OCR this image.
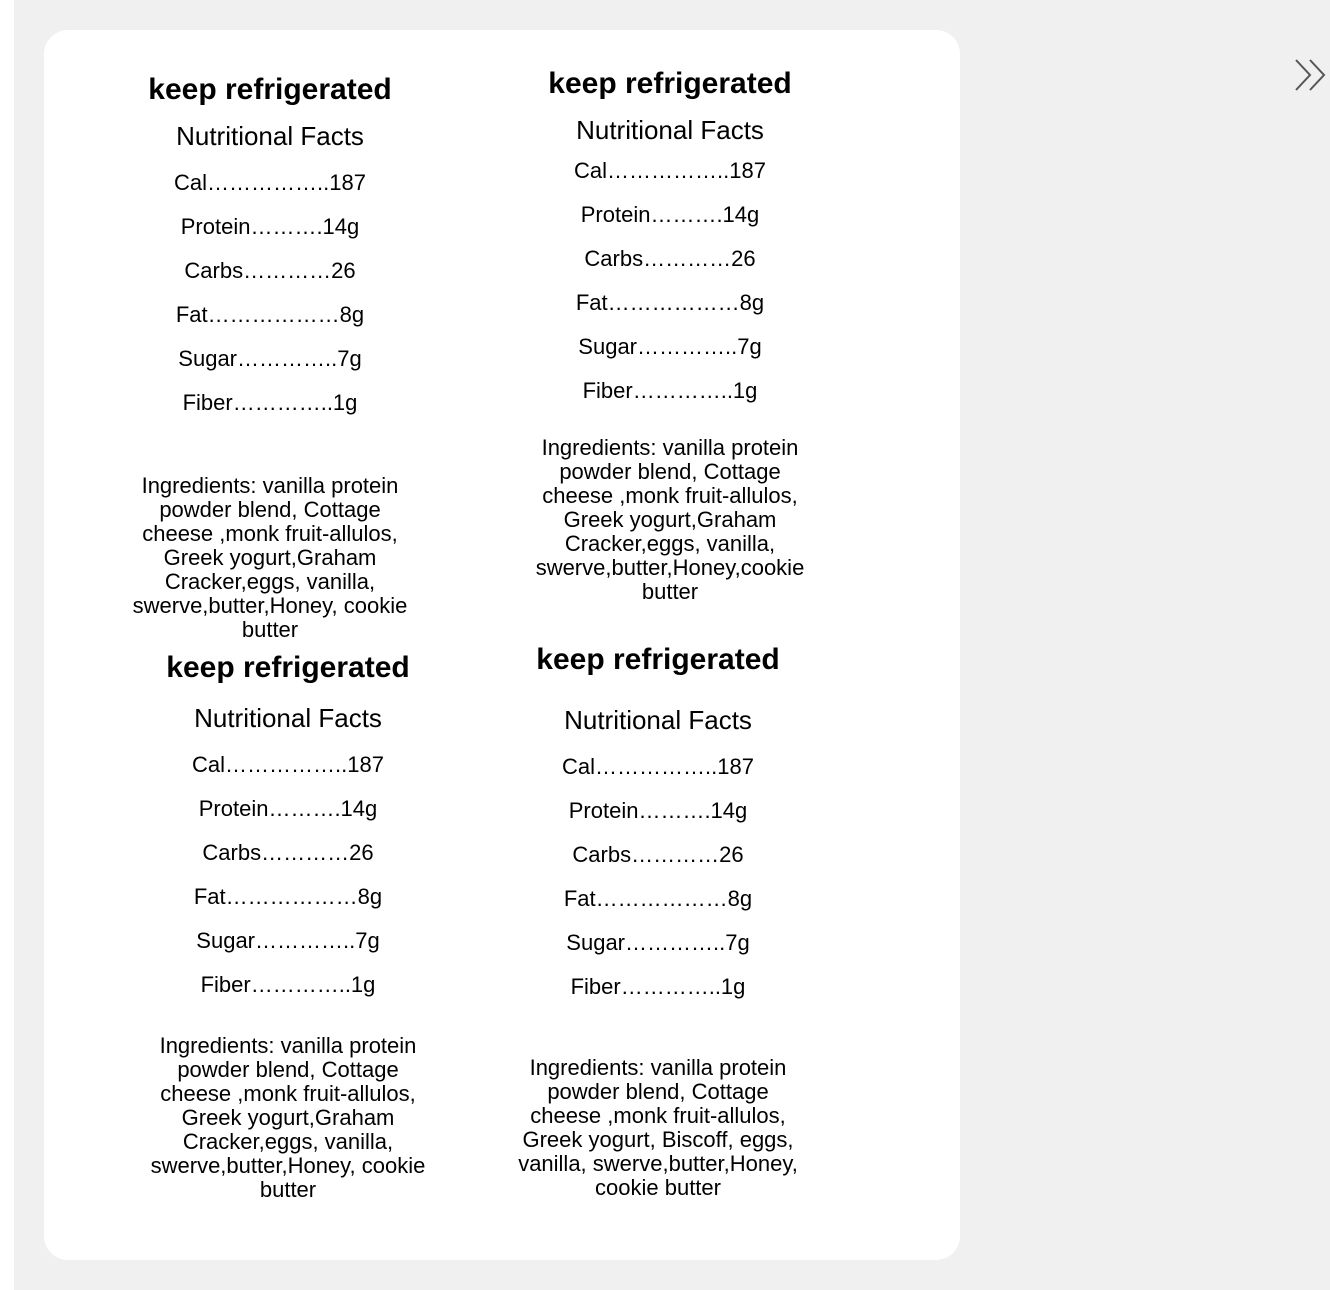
keep refrigerated
Nutritional Facts
Cal……………..187
Protein……….14g
Carbs…………26
Fat………………8g
Sugar…………..7g
Fiber…………..1g

Ingredients: vanilla protein
powder blend, Cottage
cheese ,monk fruit-allulos,
Greek yogurt,Graham
Cracker,eggs, vanilla,
swerve,butter,Honey, cookie
butter

keep refrigerated
Nutritional Facts
Cal……………..187
Protein……….14g
Carbs…………26
Fat………………8g
Sugar…………..7g
Fiber…………..1g

Ingredients: vanilla protein
powder blend, Cottage
cheese ,monk fruit-allulos,
Greek yogurt,Graham
Cracker,eggs, vanilla,
swerve,butter,Honey,cookie
butter

keep refrigerated
Nutritional Facts
Cal……………..187
Protein……….14g
Carbs…………26
Fat………………8g
Sugar…………..7g
Fiber…………..1g

Ingredients: vanilla protein
powder blend, Cottage
cheese ,monk fruit-allulos,
Greek yogurt,Graham
Cracker,eggs, vanilla,
swerve,butter,Honey, cookie
butter

keep refrigerated
Nutritional Facts
Cal……………..187
Protein……….14g
Carbs…………26
Fat………………8g
Sugar…………..7g
Fiber…………..1g

Ingredients: vanilla protein
powder blend, Cottage
cheese ,monk fruit-allulos,
Greek yogurt, Biscoff, eggs,
vanilla, swerve,butter,Honey,
cookie butter
